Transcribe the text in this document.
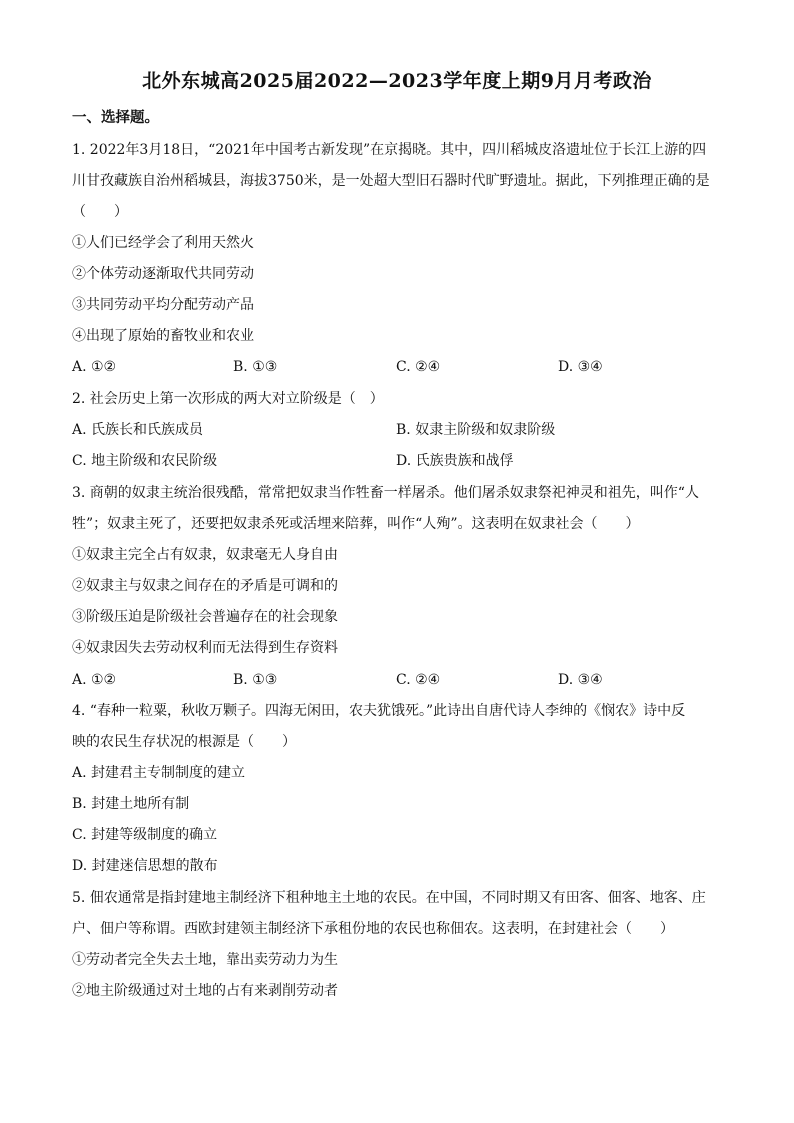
北外东城高2025届2022—2023学年度上期9月月考政治
一、选择题。
1. 2022年3月18日，“2021年中国考古新发现”在京揭晓。其中，四川稻城皮洛遗址位于长江上游的四
川甘孜藏族自治州稻城县，海拔3750米，是一处超大型旧石器时代旷野遗址。据此，下列推理正确的是
（　　）
①人们已经学会了利用天然火
②个体劳动逐渐取代共同劳动
③共同劳动平均分配劳动产品
④出现了原始的畜牧业和农业
A. ①②	B. ①③	C. ②④	D. ③④
2. 社会历史上第一次形成的两大对立阶级是（　）
A. 氏族长和氏族成员	B. 奴隶主阶级和奴隶阶级
C. 地主阶级和农民阶级	D. 氏族贵族和战俘
3. 商朝的奴隶主统治很残酷，常常把奴隶当作牲畜一样屠杀。他们屠杀奴隶祭祀神灵和祖先，叫作“人
牲”；奴隶主死了，还要把奴隶杀死或活埋来陪葬，叫作“人殉”。这表明在奴隶社会（　　）
①奴隶主完全占有奴隶，奴隶毫无人身自由
②奴隶主与奴隶之间存在的矛盾是可调和的
③阶级压迫是阶级社会普遍存在的社会现象
④奴隶因失去劳动权利而无法得到生存资料
A. ①②	B. ①③	C. ②④	D. ③④
4. “春种一粒粟，秋收万颗子。四海无闲田，农夫犹饿死。”此诗出自唐代诗人李绅的《悯农》诗中反
映的农民生存状况的根源是（　　）
A. 封建君主专制制度的建立
B. 封建土地所有制
C. 封建等级制度的确立
D. 封建迷信思想的散布
5. 佃农通常是指封建地主制经济下租种地主土地的农民。在中国，不同时期又有田客、佃客、地客、庄
户、佃户等称谓。西欧封建领主制经济下承租份地的农民也称佃农。这表明，在封建社会（　　）
①劳动者完全失去土地，靠出卖劳动力为生
②地主阶级通过对土地的占有来剥削劳动者
